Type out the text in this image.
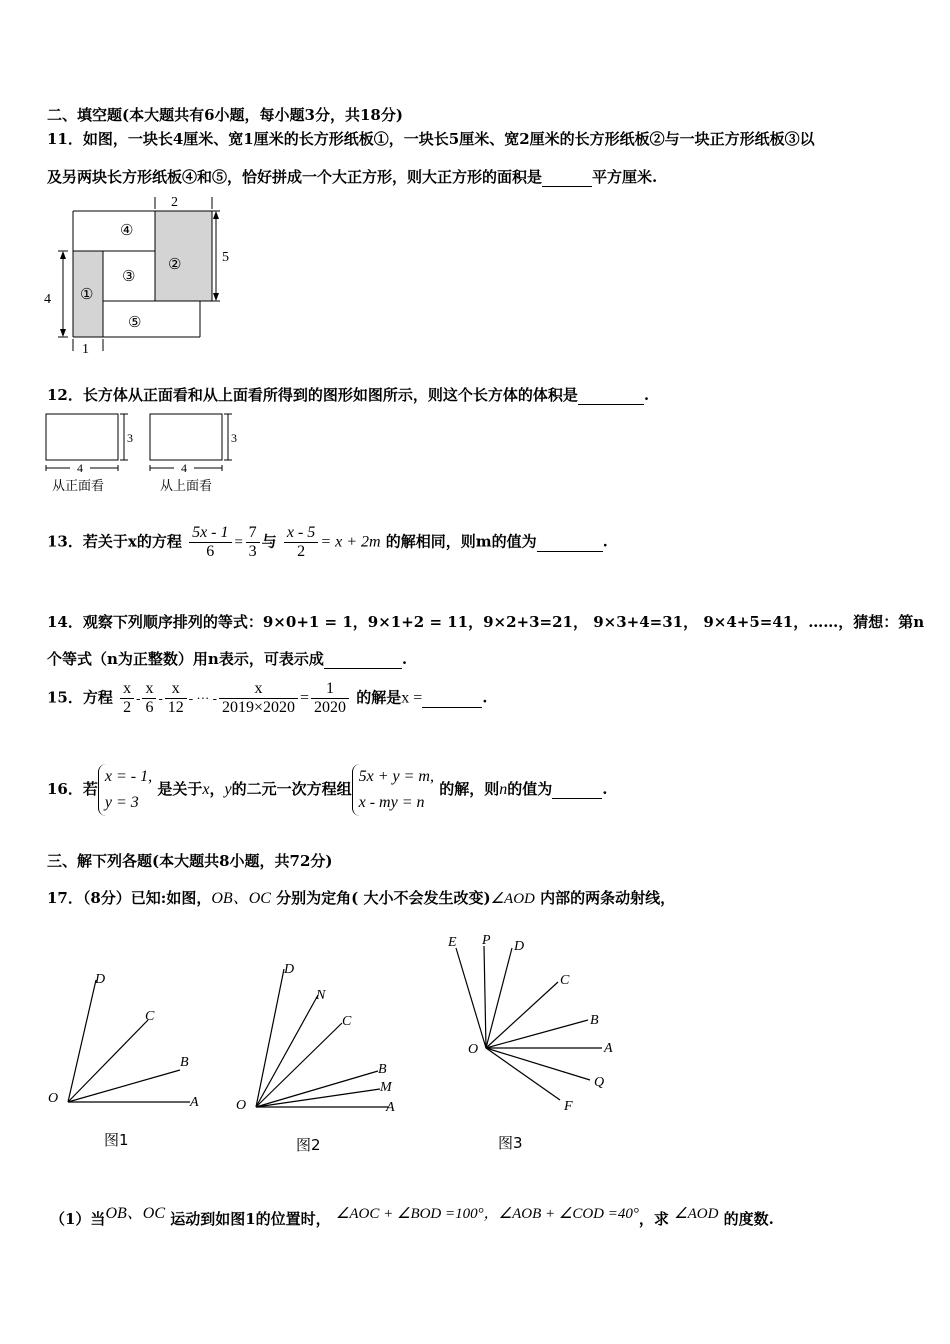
二、填空题(本大题共有6小题，每小题3分，共18分)
11．如图，一块长4厘米、宽1厘米的长方形纸板①，一块长5厘米、宽2厘米的长方形纸板②与一块正方形纸板③以
及另两块长方形纸板④和⑤，恰好拼成一个大正方形，则大正方形的面积是	平方厘米.
①
②
③
④
⑤
4
1
2
5
12．长方体从正面看和从上面看所得到的图形如图所示，则这个长方体的体积是	.
3	3
4	4
从正面看	从上面看
13．若关于x的方程 $\frac{5x - 1}{6} = \frac{7}{3}$ 与 $\frac{x - 5}{2} = x + 2m$ 的解相同，则m的值为	.
14．观察下列顺序排列的等式：9×0+1 = 1，9×1+2 = 11，9×2+3=21， 9×3+4=31， 9×4+5=41，……，猜想：第n
个等式（n为正整数）用n表示，可表示成	.
15．方程 $\frac{x}{2} - \frac{x}{6} - \frac{x}{12}$ - ··· - $\frac{x}{2019\times 2020} = \frac{1}{2020}$ 的解是x =	.
16．若
x = - 1,
y = 3
是关于x，y的二元一次方程组
5x + y = m,
x - my = n
的解，则n的值为	.
三、解下列各题(本大题共8小题，共72分)
17．（8分）已知:如图，OB、OC 分别为定角( 大小不会发生改变)∠AOD 内部的两条动射线，
O	A
B
C
D
图1
O	A
M
B
C
N
D
图2
O
E P D
C
B
A
Q
F
图3
（1）当OB、OC 运动到如图1的位置时， ∠AOC + ∠BOD =100°，∠AOB + ∠COD =40°，求 ∠AOD 的度数.
